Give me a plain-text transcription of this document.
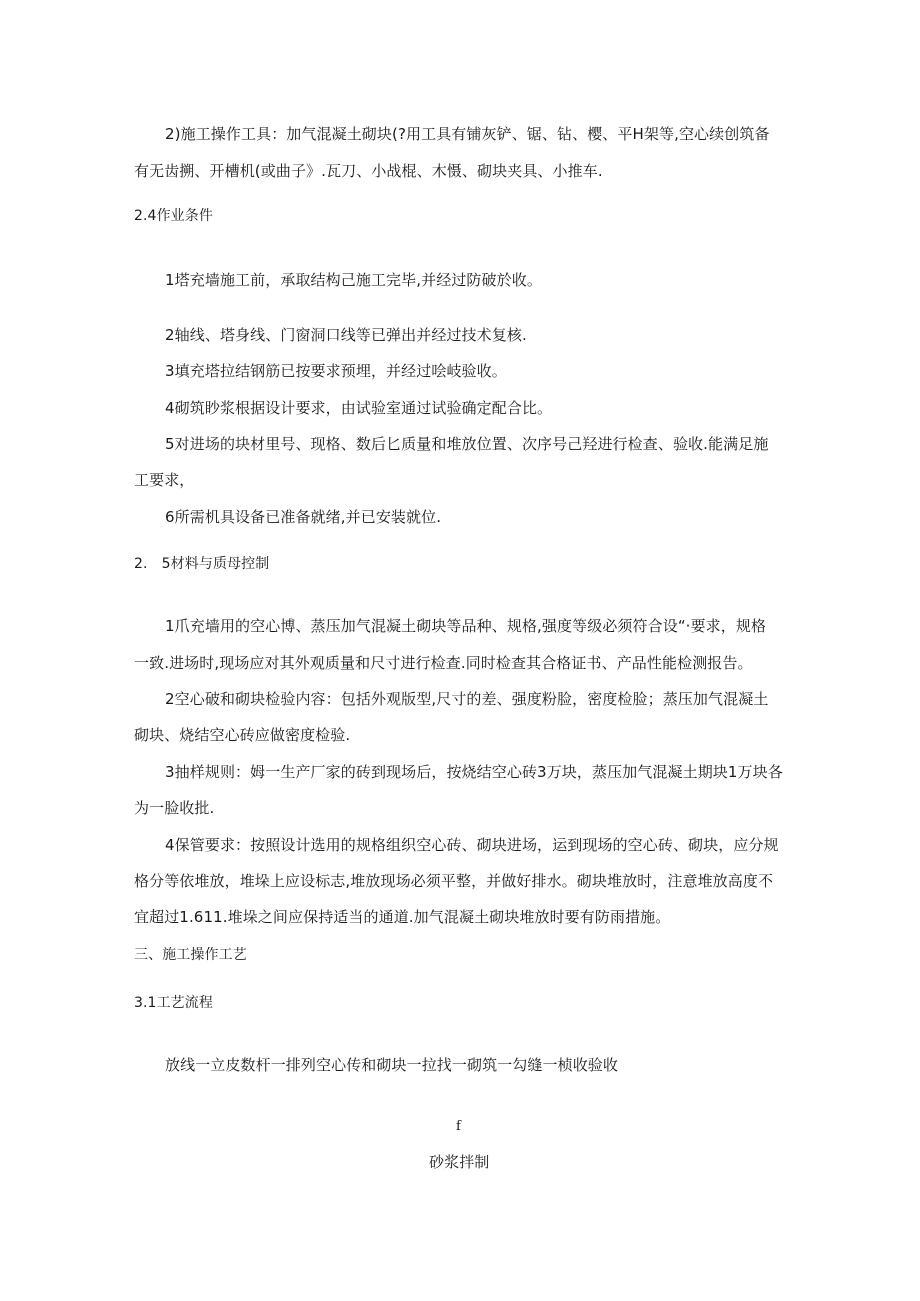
2)施工操作工具：加气混凝土砌块(?用工具有铺灰铲、锯、钻、樱、平H架等,空心续创筑备
有无齿搠、开槽机(或曲子》.瓦刀、小战棍、木慑、砌块夹具、小推车.
2.4作业条件
1塔充墙施工前，承取结构己施工完毕,并经过防破於收。
2轴线、塔身线、门窗洞口线等已弹出并经过技术复核.
3填充塔拉结钢筋已按要求预埋，并经过哙岐验收。
4砌筑眇浆根据设计要求，由试验室通过试验确定配合比。
5对进场的块材里号、现格、数后匕质量和堆放位置、次序号己羟进行检查、验收.能满足施
工要求，
6所需机具设备已准备就绪,并已安装就位.
2.　5材料与质母控制
1爪充墙用的空心博、蒸压加气混凝土砌块等品种、规格,强度等级必须符合设“·要求，规格
一致.进场时,现场应对其外观质量和尺寸进行检查.同时检查其合格证书、产品性能检测报告。
2空心破和砌块检验内容：包括外观版型,尺寸的差、强度粉脸，密度检脸；蒸压加气混凝土
砌块、烧结空心砖应做密度检验.
3抽样规则：姆一生产厂家的砖到现场后，按烧结空心砖3万块，蒸压加气混凝土期块1万块各
为一脸收批.
4保管要求：按照设计选用的规格组织空心砖、砌块进场，运到现场的空心砖、砌块，应分规
格分等依堆放，堆垛上应设标志,堆放现场必须平整，并做好排水。砌块堆放时，注意堆放高度不
宜超过1.611.堆垛之间应保持适当的通道.加气混凝土砌块堆放时要有防雨措施。
三、施工操作工艺
3.1工艺流程
放线一立皮数杆一排列空心传和砌块一拉找一砌筑一勾缝一桢收验收
f
砂浆拌制
